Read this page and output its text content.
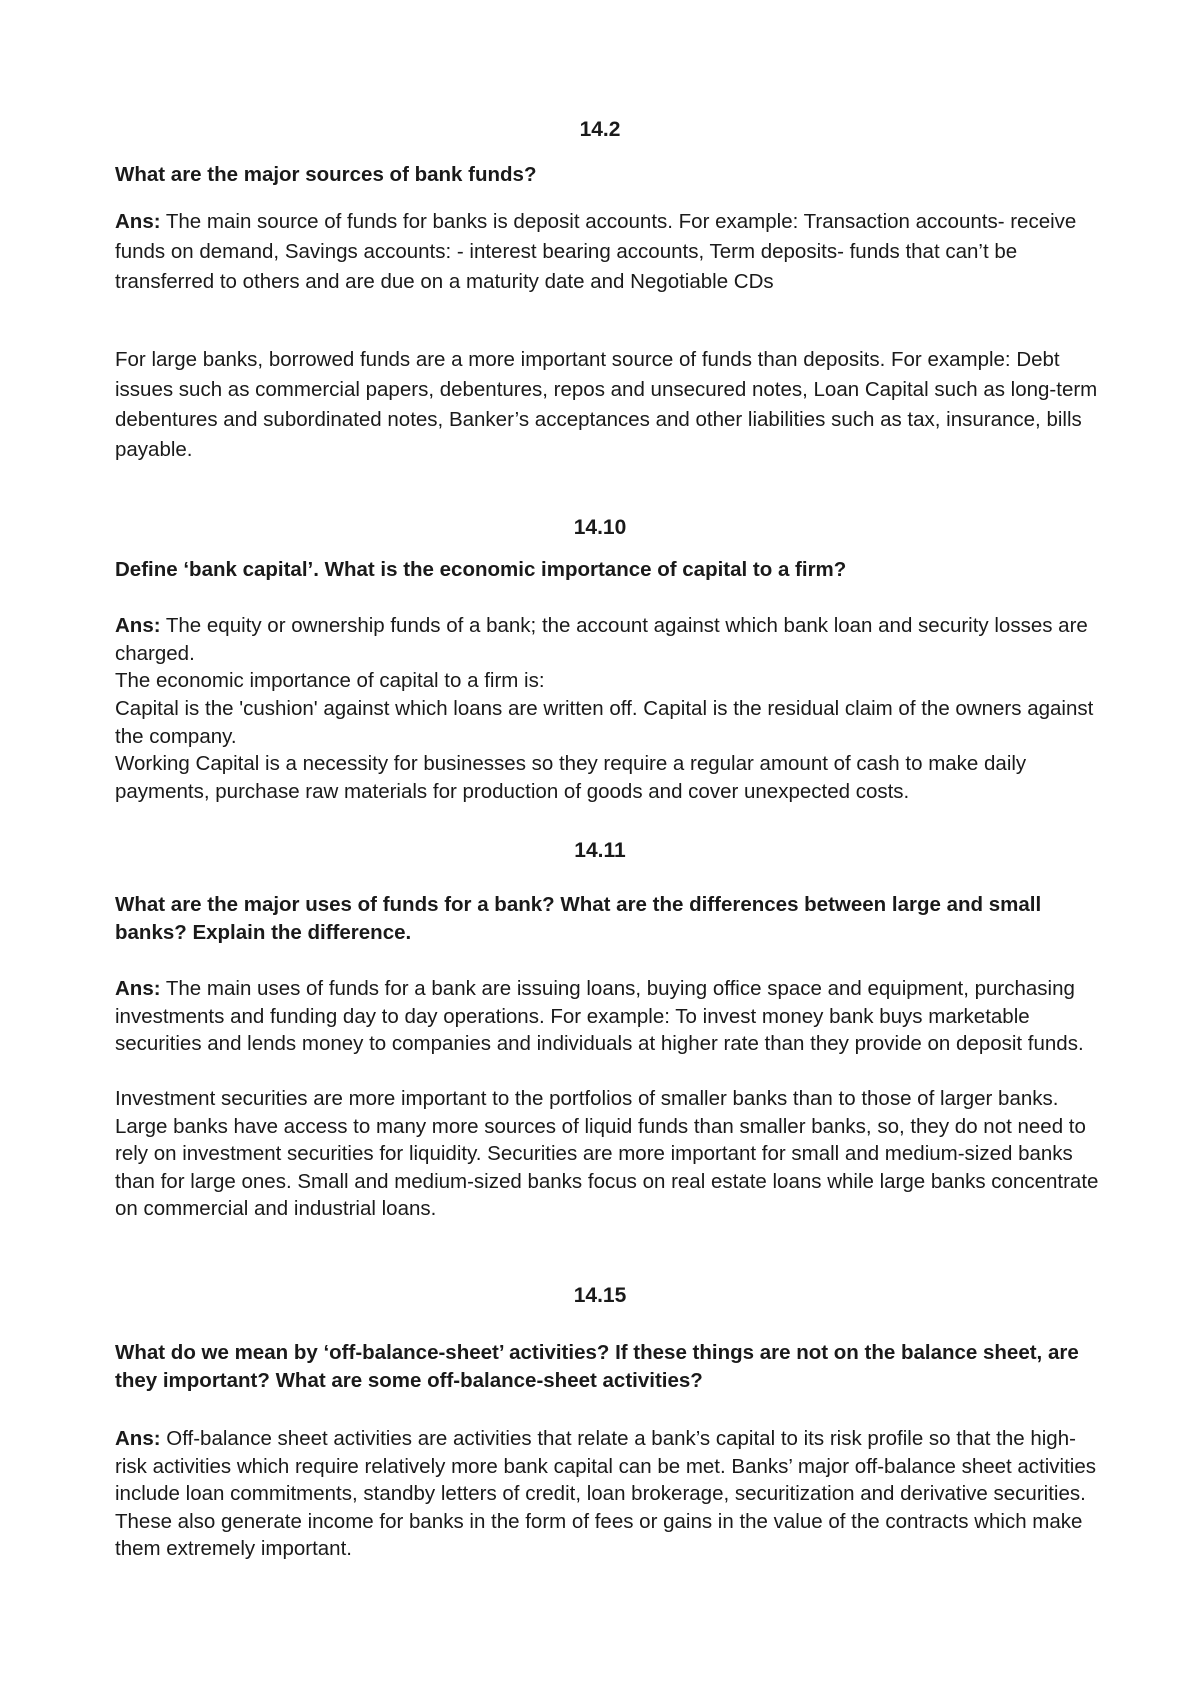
14.2
What are the major sources of bank funds?

Ans: The main source of funds for banks is deposit accounts. For example: Transaction accounts- receive funds on demand, Savings accounts: - interest bearing accounts, Term deposits- funds that can’t be transferred to others and are due on a maturity date and Negotiable CDs

For large banks, borrowed funds are a more important source of funds than deposits. For example: Debt issues such as commercial papers, debentures, repos and unsecured notes, Loan Capital such as long-term debentures and subordinated notes, Banker’s acceptances and other liabilities such as tax, insurance, bills payable.

14.10
Define ‘bank capital’. What is the economic importance of capital to a firm?

Ans: The equity or ownership funds of a bank; the account against which bank loan and security losses are charged.

The economic importance of capital to a firm is:

Capital is the 'cushion' against which loans are written off. Capital is the residual claim of the owners against the company.

Working Capital is a necessity for businesses so they require a regular amount of cash to make daily payments, purchase raw materials for production of goods and cover unexpected costs.

14.11
What are the major uses of funds for a bank? What are the differences between large and small banks? Explain the difference.

Ans: The main uses of funds for a bank are issuing loans, buying office space and equipment, purchasing investments and funding day to day operations. For example: To invest money bank buys marketable securities and lends money to companies and individuals at higher rate than they provide on deposit funds.

Investment securities are more important to the portfolios of smaller banks than to those of larger banks. Large banks have access to many more sources of liquid funds than smaller banks, so, they do not need to rely on investment securities for liquidity. Securities are more important for small and medium-sized banks than for large ones. Small and medium-sized banks focus on real estate loans while large banks concentrate on commercial and industrial loans.

14.15
What do we mean by ‘off-balance-sheet’ activities? If these things are not on the balance sheet, are they important? What are some off-balance-sheet activities?

Ans: Off-balance sheet activities are activities that relate a bank’s capital to its risk profile so that the high-risk activities which require relatively more bank capital can be met. Banks’ major off-balance sheet activities include loan commitments, standby letters of credit, loan brokerage, securitization and derivative securities. These also generate income for banks in the form of fees or gains in the value of the contracts which make them extremely important.
